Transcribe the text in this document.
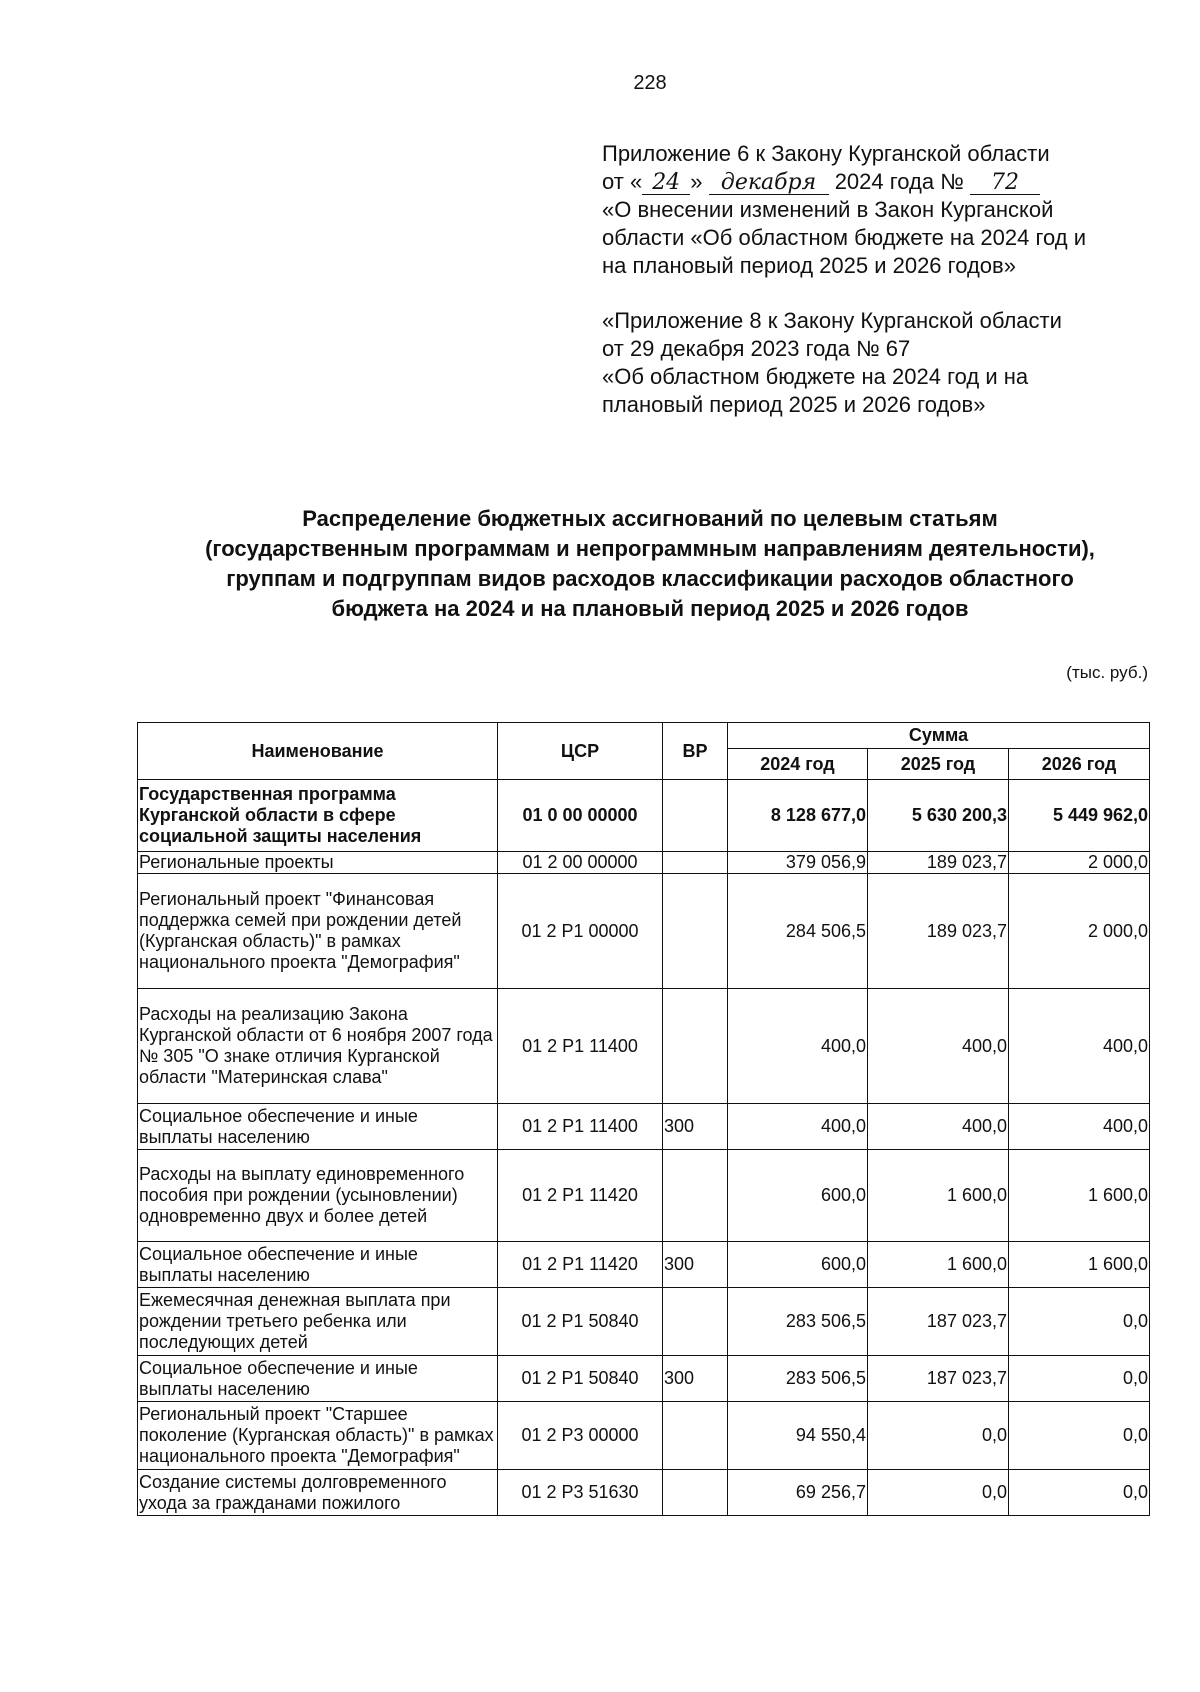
228

Приложение 6 к Закону Курганской области

от « 24 » декабря 2024 года № 72

«О внесении изменений в Закон Курганской

области «Об областном бюджете на 2024 год и

на плановый период 2025 и 2026 годов»

«Приложение 8 к Закону Курганской области

от 29 декабря 2023 года № 67

«Об областном бюджете на 2024 год и на

плановый период 2025 и 2026 годов»

Распределение бюджетных ассигнований по целевым статьям
(государственным программам и непрограммным направлениям деятельности),
группам и подгруппам видов расходов классификации расходов областного
бюджета на 2024 и на плановый период 2025 и 2026 годов
(тыс. руб.)
Наименование	ЦСР	ВР	Сумма		
			2024 год	2025 год	2026 год
Государственная программа Курганской области в сфере социальной защиты населения	01 0 00 00000		8 128 677,0	5 630 200,3	5 449 962,0
Региональные проекты	01 2 00 00000		379 056,9	189 023,7	2 000,0
Региональный проект "Финансовая поддержка семей при рождении детей (Курганская область)" в рамках национального проекта "Демография"	01 2 Р1 00000		284 506,5	189 023,7	2 000,0
Расходы на реализацию Закона Курганской области от 6 ноября 2007 года № 305 "О знаке отличия Курганской области "Материнская слава"	01 2 Р1 11400		400,0	400,0	400,0
Социальное обеспечение и иные выплаты населению	01 2 Р1 11400	300	400,0	400,0	400,0
Расходы на выплату единовременного пособия при рождении (усыновлении) одновременно двух и более детей	01 2 Р1 11420		600,0	1 600,0	1 600,0
Социальное обеспечение и иные выплаты населению	01 2 Р1 11420	300	600,0	1 600,0	1 600,0
Ежемесячная денежная выплата при рождении третьего ребенка или последующих детей	01 2 Р1 50840		283 506,5	187 023,7	0,0
Социальное обеспечение и иные выплаты населению	01 2 Р1 50840	300	283 506,5	187 023,7	0,0
Региональный проект "Старшее поколение (Курганская область)" в рамках национального проекта "Демография"	01 2 Р3 00000		94 550,4	0,0	0,0
Создание системы долговременного ухода за гражданами пожилого	01 2 Р3 51630		69 256,7	0,0	0,0
